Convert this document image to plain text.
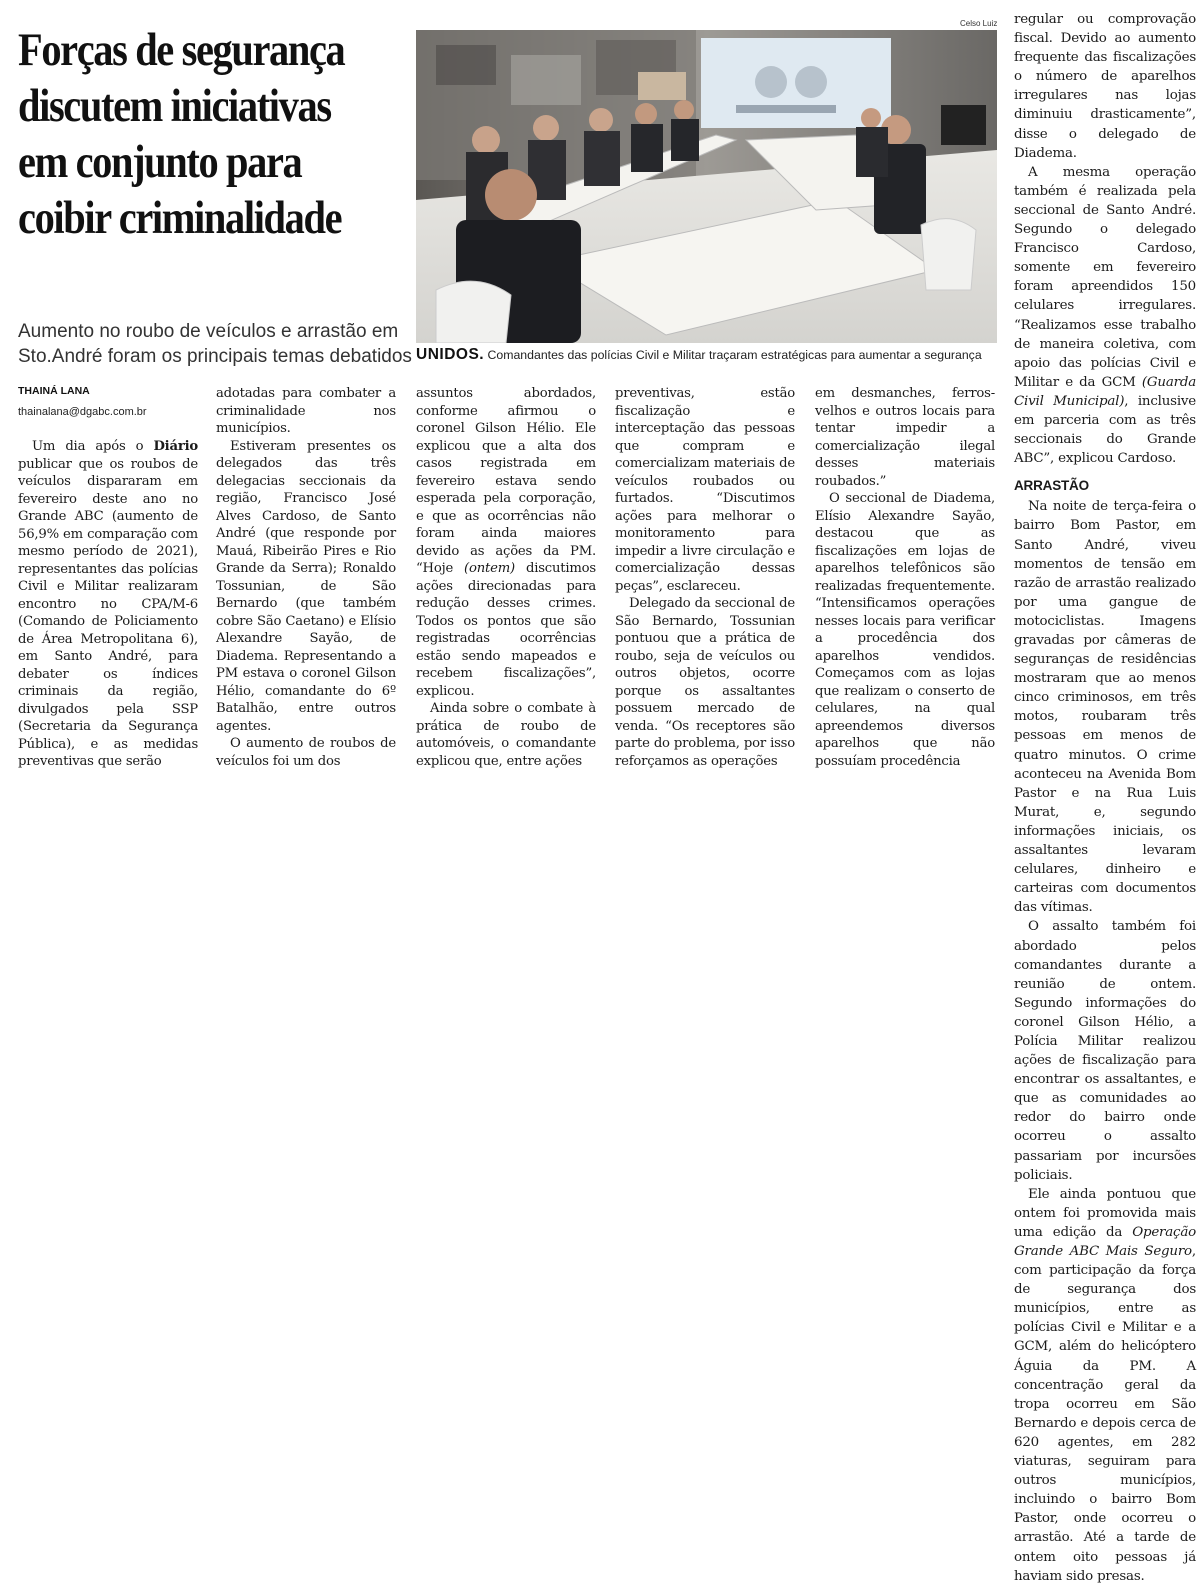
Forças de segurança
discutem iniciativas
em conjunto para
coibir criminalidade
Aumento no roubo de veículos e arrastão em
Sto.André foram os principais temas debatidos
Celso Luiz
UNIDOS. Comandantes das polícias Civil e Militar traçaram estratégicas para aumentar a segurança
THAINÁ LANA
thainalana@dgabc.com.br

Um dia após o Diário publicar que os roubos de veículos dispararam em fevereiro deste ano no Grande ABC (aumento de 56,9% em comparação com mesmo período de 2021), representantes das polícias Civil e Militar realizaram encontro no CPA/M-6 (Comando de Policiamento de Área Metropolitana 6), em Santo André, para debater	os	índices criminais da região, divulgados pela SSP (Secretaria da Segurança Pública), e as medidas preventivas que serão

adotadas para combater a criminalidade	nos municípios.

Estiveram presentes os delegados	das	três delegacias seccionais da região, Francisco José Alves Cardoso, de Santo André (que responde por Mauá, Ribeirão Pires e Rio Grande da Serra); Ronaldo Tossunian,	de	São Bernardo (que também cobre São Caetano) e Elísio Alexandre Sayão, de Diadema. Representando a PM estava o coronel Gilson Hélio, comandante do 6º Batalhão, entre outros agentes.

O aumento de roubos de veículos foi um dos

assuntos	abordados, conforme afirmou o coronel Gilson Hélio. Ele explicou que a alta dos casos registrada em fevereiro estava sendo esperada pela corporação, e que as ocorrências não foram ainda maiores devido as ações da PM. “Hoje (ontem) discutimos ações direcionadas para redução desses crimes. Todos os pontos que são registradas ocorrências estão sendo mapeados e recebem fiscalizações”, explicou.

Ainda sobre o combate à prática de roubo de automóveis, o comandante explicou que, entre ações

preventivas,	estão fiscalização	e interceptação das pessoas que	compram	e comercializam materiais de veículos roubados ou furtados.	“Discutimos ações para melhorar o monitoramento	para impedir a livre circulação e comercialização dessas peças”, esclareceu.

Delegado da seccional de São Bernardo, Tossunian pontuou que a prática de roubo, seja de veículos ou outros objetos, ocorre porque os assaltantes possuem mercado de venda. “Os receptores são parte do problema, por isso reforçamos as operações

em desmanches, ferros-velhos e outros locais para tentar	impedir	a comercialização	ilegal desses	materiais roubados.”

O seccional de Diadema, Elísio Alexandre Sayão, destacou	que	as fiscalizações em lojas de aparelhos telefônicos são realizadas frequentemente. “Intensificamos operações nesses locais para verificar a	procedência	dos aparelhos	vendidos. Começamos com as lojas que realizam o conserto de celulares,	na	qual apreendemos	diversos aparelhos	que	não possuíam procedência

regular ou comprovação fiscal. Devido ao aumento frequente das fiscalizações o número de aparelhos irregulares nas lojas diminuiu drasticamente”, disse o delegado de Diadema.

A mesma operação também é realizada pela seccional de Santo André. Segundo o delegado Francisco	Cardoso, somente em fevereiro foram apreendidos 150 celulares	irregulares. “Realizamos esse trabalho de maneira coletiva, com apoio das polícias Civil e Militar e da GCM (Guarda Civil Municipal), inclusive em parceria com as três seccionais do Grande ABC”, explicou Cardoso.

ARRASTÃO

Na noite de terça-feira o bairro Bom Pastor, em Santo André, viveu momentos de tensão em razão de arrastão realizado por uma gangue de motociclistas.	Imagens gravadas por câmeras de seguranças de residências mostraram que ao menos cinco criminosos, em três motos, roubaram três pessoas em menos de quatro minutos. O crime aconteceu na Avenida Bom Pastor e na Rua Luis Murat,	e,	segundo informações iniciais, os assaltantes	levaram celulares, dinheiro e carteiras com documentos das vítimas.

O assalto também foi abordado	pelos comandantes durante a reunião	de	ontem. Segundo informações do coronel Gilson Hélio, a Polícia Militar realizou ações de fiscalização para encontrar os assaltantes, e que as comunidades ao redor do bairro onde ocorreu	o	assalto passariam por incursões policiais.

Ele ainda pontuou que ontem foi promovida mais uma edição da Operação Grande ABC Mais Seguro, com participação da força de	segurança	dos municípios, entre as polícias Civil e Militar e a GCM, além do helicóptero Águia da PM. A concentração geral da tropa ocorreu em São Bernardo e depois cerca de 620 agentes, em 282 viaturas, seguiram para outros	municípios, incluindo o bairro Bom Pastor, onde ocorreu o arrastão. Até a tarde de ontem oito pessoas já haviam sido presas.
